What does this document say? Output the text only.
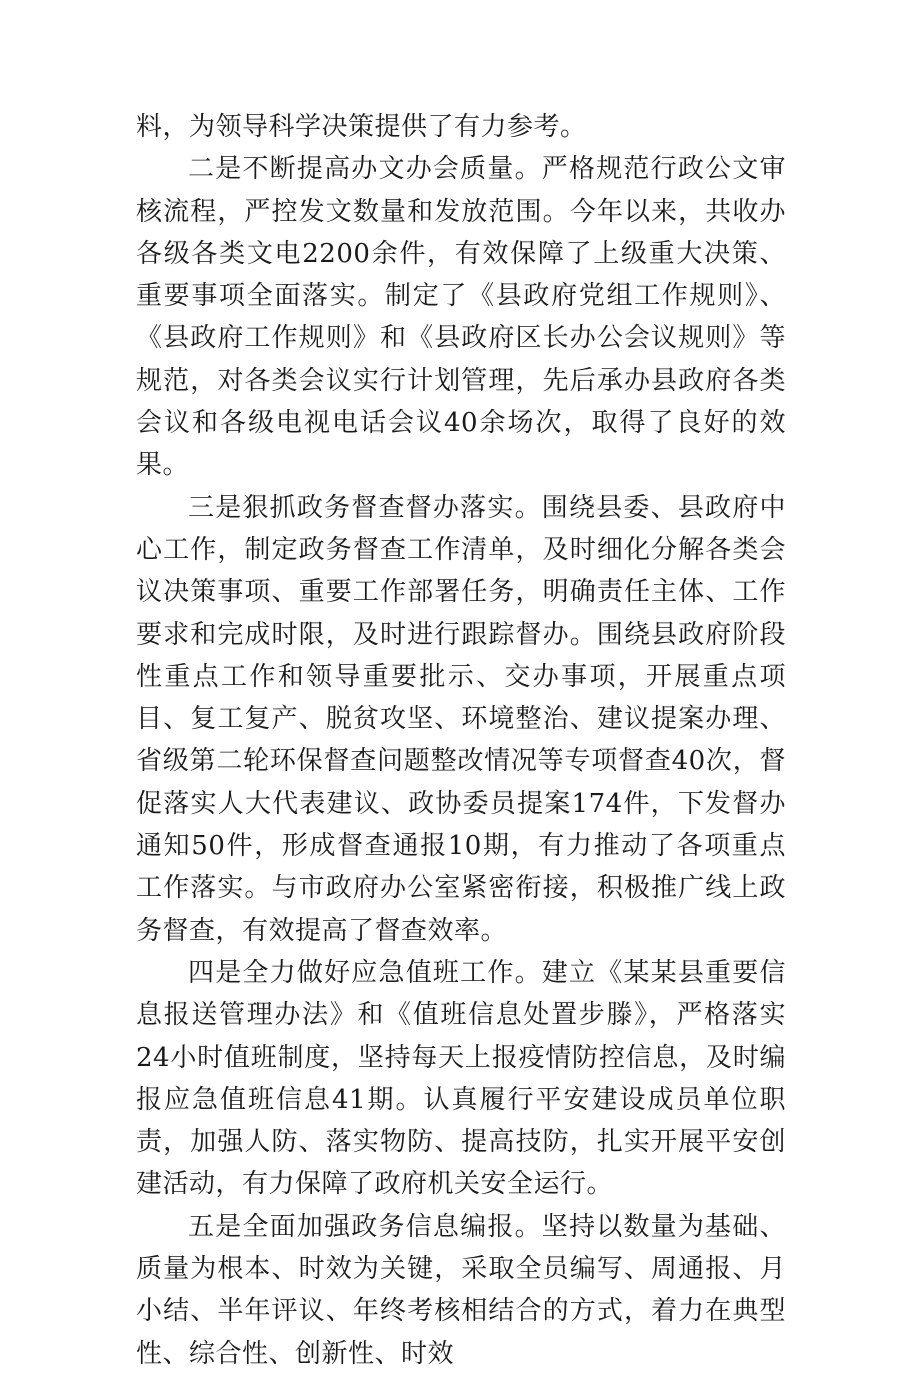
料，为领导科学决策提供了有力参考。

二是不断提高办文办会质量。严格规范行政公文审核流程，严控发文数量和发放范围。今年以来，共收办各级各类文电2200余件，有效保障了上级重大决策、重要事项全面落实。制定了《县政府党组工作规则》、《县政府工作规则》和《县政府区长办公会议规则》等规范，对各类会议实行计划管理，先后承办县政府各类会议和各级电视电话会议40余场次，取得了良好的效果。

三是狠抓政务督查督办落实。围绕县委、县政府中心工作，制定政务督查工作清单，及时细化分解各类会议决策事项、重要工作部署任务，明确责任主体、工作要求和完成时限，及时进行跟踪督办。围绕县政府阶段性重点工作和领导重要批示、交办事项，开展重点项目、复工复产、脱贫攻坚、环境整治、建议提案办理、省级第二轮环保督查问题整改情况等专项督查40次，督促落实人大代表建议、政协委员提案174件，下发督办通知50件，形成督查通报10期，有力推动了各项重点工作落实。与市政府办公室紧密衔接，积极推广线上政务督查，有效提高了督查效率。

四是全力做好应急值班工作。建立《某某县重要信息报送管理办法》和《值班信息处置步滕》，严格落实24小时值班制度，坚持每天上报疫情防控信息，及时编报应急值班信息41期。认真履行平安建设成员单位职责，加强人防、落实物防、提高技防，扎实开展平安创建活动，有力保障了政府机关安全运行。

五是全面加强政务信息编报。坚持以数量为基础、质量为根本、时效为关键，采取全员编写、周通报、月小结、半年评议、年终考核相结合的方式，着力在典型性、综合性、创新性、时效
